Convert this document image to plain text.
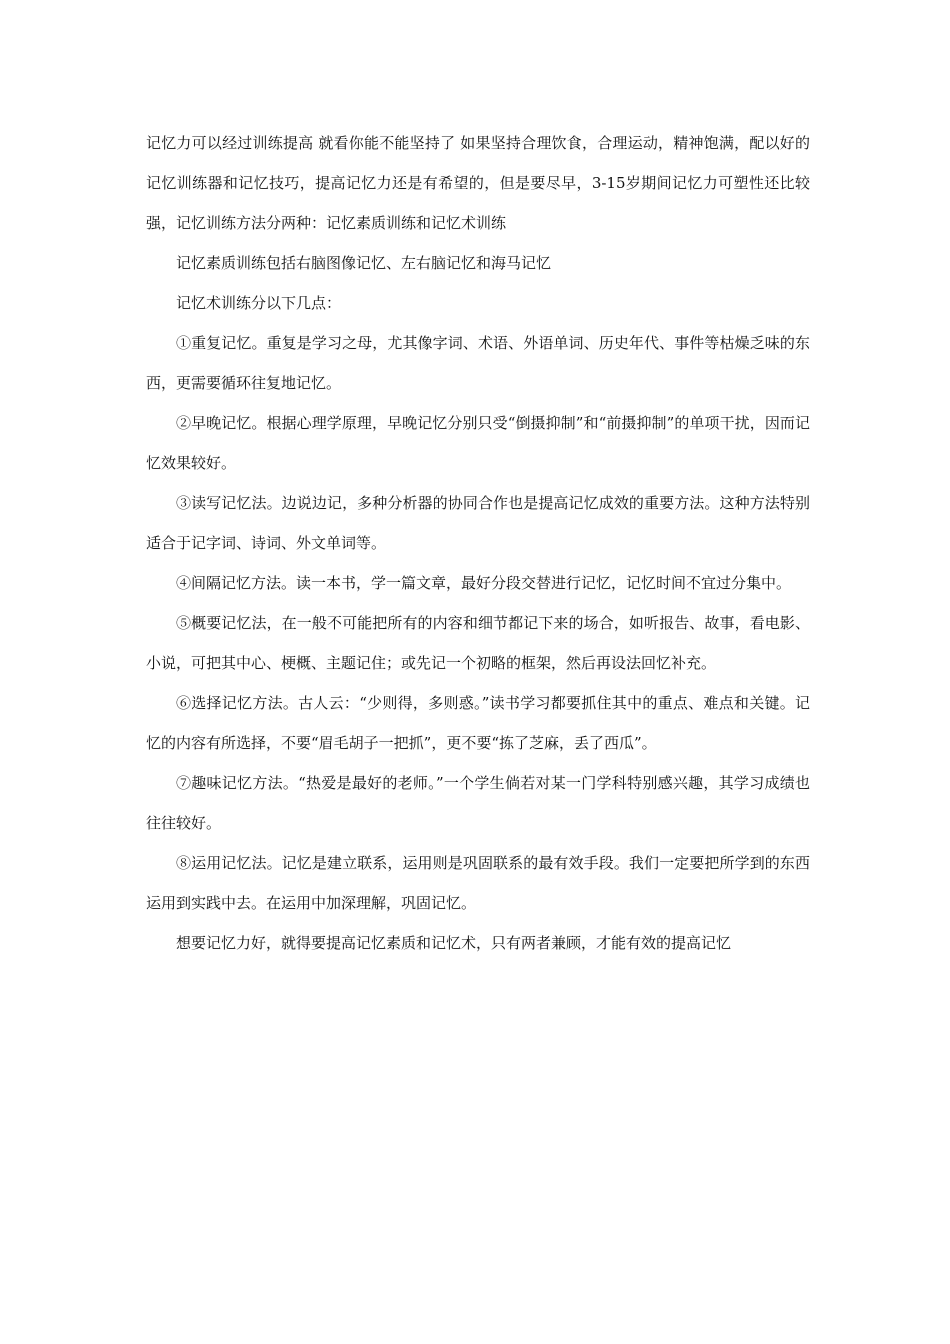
记忆力可以经过训练提高 就看你能不能坚持了 如果坚持合理饮食，合理运动，精神饱满，配以好的记忆训练器和记忆技巧，提高记忆力还是有希望的，但是要尽早，3-15岁期间记忆力可塑性还比较强，记忆训练方法分两种：记忆素质训练和记忆术训练

记忆素质训练包括右脑图像记忆、左右脑记忆和海马记忆

记忆术训练分以下几点：

①重复记忆。重复是学习之母，尤其像字词、术语、外语单词、历史年代、事件等枯燥乏味的东西，更需要循环往复地记忆。

②早晚记忆。根据心理学原理，早晚记忆分别只受“倒摄抑制”和“前摄抑制”的单项干扰，因而记忆效果较好。

③读写记忆法。边说边记，多种分析器的协同合作也是提高记忆成效的重要方法。这种方法特别适合于记字词、诗词、外文单词等。

④间隔记忆方法。读一本书，学一篇文章，最好分段交替进行记忆，记忆时间不宜过分集中。

⑤概要记忆法，在一般不可能把所有的内容和细节都记下来的场合，如听报告、故事，看电影、小说，可把其中心、梗概、主题记住；或先记一个初略的框架，然后再设法回忆补充。

⑥选择记忆方法。古人云：“少则得，多则惑。”读书学习都要抓住其中的重点、难点和关键。记忆的内容有所选择，不要“眉毛胡子一把抓”，更不要“拣了芝麻，丢了西瓜”。

⑦趣味记忆方法。“热爱是最好的老师。”一个学生倘若对某一门学科特别感兴趣，其学习成绩也往往较好。

⑧运用记忆法。记忆是建立联系，运用则是巩固联系的最有效手段。我们一定要把所学到的东西运用到实践中去。在运用中加深理解，巩固记忆。

想要记忆力好，就得要提高记忆素质和记忆术，只有两者兼顾，才能有效的提高记忆
